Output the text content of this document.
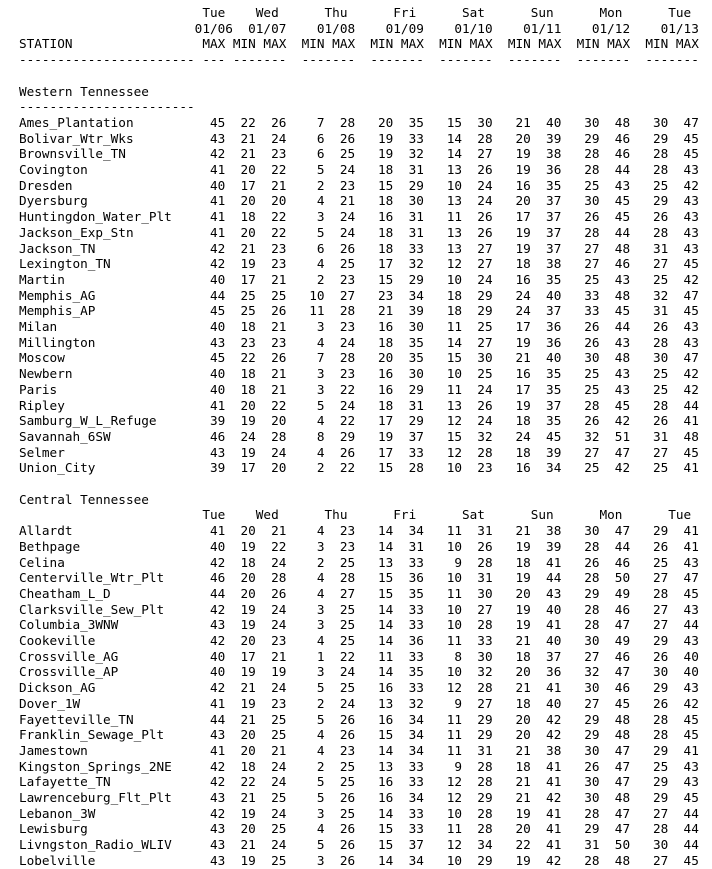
Tue    Wed      Thu      Fri      Sat      Sun      Mon      Tue
01/06  01/07    01/08    01/09    01/10    01/11    01/12    01/13
STATION                 MAX MIN MAX  MIN MAX  MIN MAX  MIN MAX  MIN MAX  MIN MAX  MIN MAX
----------------------- --- -------  -------  -------  -------  -------  -------  -------
Western Tennessee
-----------------------
Ames_Plantation          45  22  26    7  28   20  35   15  30   21  40   30  48   30  47
Bolivar_Wtr_Wks          43  21  24    6  26   19  33   14  28   20  39   29  46   29  45
Brownsville_TN           42  21  23    6  25   19  32   14  27   19  38   28  46   28  45
Covington                41  20  22    5  24   18  31   13  26   19  36   28  44   28  43
Dresden                  40  17  21    2  23   15  29   10  24   16  35   25  43   25  42
Dyersburg                41  20  20    4  21   18  30   13  24   20  37   30  45   29  43
Huntingdon_Water_Plt     41  18  22    3  24   16  31   11  26   17  37   26  45   26  43
Jackson_Exp_Stn          41  20  22    5  24   18  31   13  26   19  37   28  44   28  43
Jackson_TN               42  21  23    6  26   18  33   13  27   19  37   27  48   31  43
Lexington_TN             42  19  23    4  25   17  32   12  27   18  38   27  46   27  45
Martin                   40  17  21    2  23   15  29   10  24   16  35   25  43   25  42
Memphis_AG               44  25  25   10  27   23  34   18  29   24  40   33  48   32  47
Memphis_AP               45  25  26   11  28   21  39   18  29   24  37   33  45   31  45
Milan                    40  18  21    3  23   16  30   11  25   17  36   26  44   26  43
Millington               43  23  23    4  24   18  35   14  27   19  36   26  43   28  43
Moscow                   45  22  26    7  28   20  35   15  30   21  40   30  48   30  47
Newbern                  40  18  21    3  23   16  30   10  25   16  35   25  43   25  42
Paris                    40  18  21    3  22   16  29   11  24   17  35   25  43   25  42
Ripley                   41  20  22    5  24   18  31   13  26   19  37   28  45   28  44
Samburg_W_L_Refuge       39  19  20    4  22   17  29   12  24   18  35   26  42   26  41
Savannah_6SW             46  24  28    8  29   19  37   15  32   24  45   32  51   31  48
Selmer                   43  19  24    4  26   17  33   12  28   18  39   27  47   27  45
Union_City               39  17  20    2  22   15  28   10  23   16  34   25  42   25  41
Central Tennessee
Tue    Wed      Thu      Fri      Sat      Sun      Mon      Tue
Allardt                  41  20  21    4  23   14  34   11  31   21  38   30  47   29  41
Bethpage                 40  19  22    3  23   14  31   10  26   19  39   28  44   26  41
Celina                   42  18  24    2  25   13  33    9  28   18  41   26  46   25  43
Centerville_Wtr_Plt      46  20  28    4  28   15  36   10  31   19  44   28  50   27  47
Cheatham_L_D             44  20  26    4  27   15  35   11  30   20  43   29  49   28  45
Clarksville_Sew_Plt      42  19  24    3  25   14  33   10  27   19  40   28  46   27  43
Columbia_3WNW            43  19  24    3  25   14  33   10  28   19  41   28  47   27  44
Cookeville               42  20  23    4  25   14  36   11  33   21  40   30  49   29  43
Crossville_AG            40  17  21    1  22   11  33    8  30   18  37   27  46   26  40
Crossville_AP            40  19  19    3  24   14  35   10  32   20  36   32  47   30  40
Dickson_AG               42  21  24    5  25   16  33   12  28   21  41   30  46   29  43
Dover_1W                 41  19  23    2  24   13  32    9  27   18  40   27  45   26  42
Fayetteville_TN          44  21  25    5  26   16  34   11  29   20  42   29  48   28  45
Franklin_Sewage_Plt      43  20  25    4  26   15  34   11  29   20  42   29  48   28  45
Jamestown                41  20  21    4  23   14  34   11  31   21  38   30  47   29  41
Kingston_Springs_2NE     42  18  24    2  25   13  33    9  28   18  41   26  47   25  43
Lafayette_TN             42  22  24    5  25   16  33   12  28   21  41   30  47   29  43
Lawrenceburg_Flt_Plt     43  21  25    5  26   16  34   12  29   21  42   30  48   29  45
Lebanon_3W               42  19  24    3  25   14  33   10  28   19  41   28  47   27  44
Lewisburg                43  20  25    4  26   15  33   11  28   20  41   29  47   28  44
Livngston_Radio_WLIV     43  21  24    5  26   15  37   12  34   22  41   31  50   30  44
Lobelville               43  19  25    3  26   14  34   10  29   19  42   28  48   27  45
